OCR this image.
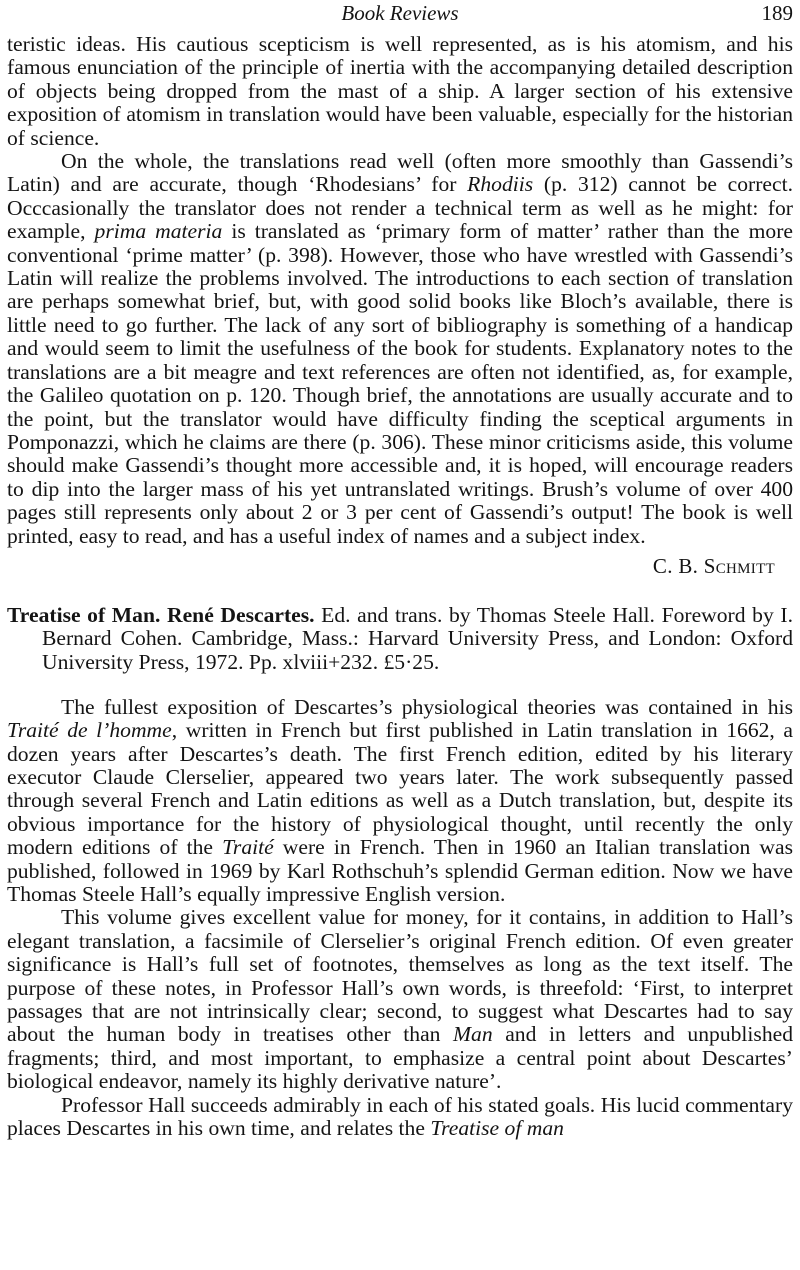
Book Reviews	189

teristic ideas. His cautious scepticism is well represented, as is his atomism, and his famous enunciation of the principle of inertia with the accompanying detailed description of objects being dropped from the mast of a ship. A larger section of his extensive exposition of atomism in translation would have been valuable, especially for the historian of science.

On the whole, the translations read well (often more smoothly than Gassendi’s Latin) and are accurate, though ‘Rhodesians’ for Rhodiis (p. 312) cannot be correct. Occcasionally the translator does not render a technical term as well as he might: for example, prima materia is translated as ‘primary form of matter’ rather than the more conventional ‘prime matter’ (p. 398). However, those who have wrestled with Gassendi’s Latin will realize the problems involved. The introductions to each section of translation are perhaps somewhat brief, but, with good solid books like Bloch’s available, there is little need to go further. The lack of any sort of bibliography is something of a handicap and would seem to limit the usefulness of the book for students. Explanatory notes to the translations are a bit meagre and text references are often not identified, as, for example, the Galileo quotation on p. 120. Though brief, the annotations are usually accurate and to the point, but the translator would have difficulty finding the sceptical arguments in Pomponazzi, which he claims are there (p. 306). These minor criticisms aside, this volume should make Gassendi’s thought more accessible and, it is hoped, will encourage readers to dip into the larger mass of his yet untranslated writings. Brush’s volume of over 400 pages still represents only about 2 or 3 per cent of Gassendi’s output! The book is well printed, easy to read, and has a useful index of names and a subject index.

C. B. Schmitt

Treatise of Man. René Descartes. Ed. and trans. by Thomas Steele Hall. Foreword by I. Bernard Cohen. Cambridge, Mass.: Harvard University Press, and London: Oxford University Press, 1972. Pp. xlviii+232. £5·25.

The fullest exposition of Descartes’s physiological theories was contained in his Traité de l’homme, written in French but first published in Latin translation in 1662, a dozen years after Descartes’s death. The first French edition, edited by his literary executor Claude Clerselier, appeared two years later. The work subsequently passed through several French and Latin editions as well as a Dutch translation, but, despite its obvious importance for the history of physiological thought, until recently the only modern editions of the Traité were in French. Then in 1960 an Italian translation was published, followed in 1969 by Karl Rothschuh’s splendid German edition. Now we have Thomas Steele Hall’s equally impressive English version.

This volume gives excellent value for money, for it contains, in addition to Hall’s elegant translation, a facsimile of Clerselier’s original French edition. Of even greater significance is Hall’s full set of footnotes, themselves as long as the text itself. The purpose of these notes, in Professor Hall’s own words, is threefold: ‘First, to interpret passages that are not intrinsically clear; second, to suggest what Descartes had to say about the human body in treatises other than Man and in letters and unpublished fragments; third, and most important, to emphasize a central point about Descartes’ biological endeavor, namely its highly derivative nature’.

Professor Hall succeeds admirably in each of his stated goals. His lucid commentary places Descartes in his own time, and relates the Treatise of man
